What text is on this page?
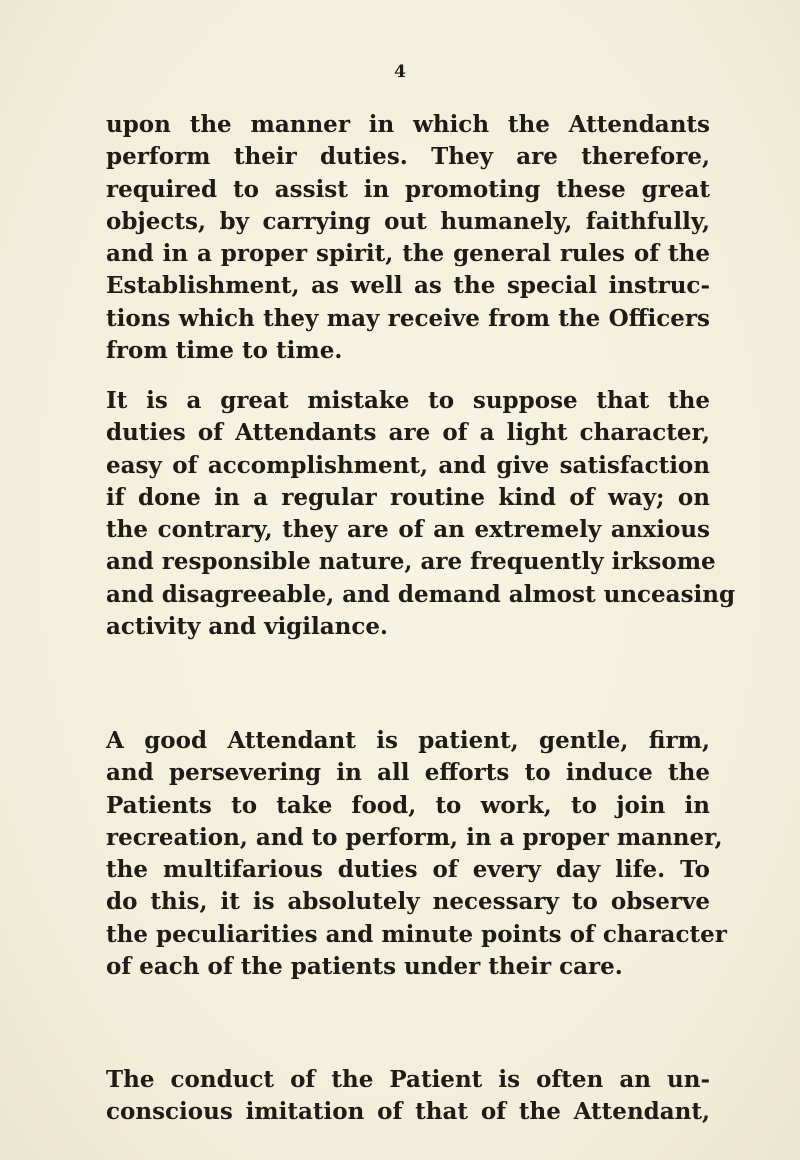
4

upon the manner in which the Attendants
perform their duties. They are therefore,
required to assist in promoting these great
objects, by carrying out humanely, faithfully,
and in a proper spirit, the general rules of the
Establishment, as well as the special instruc-
tions which they may receive from the Officers
from time to time.

It is a great mistake to suppose that the
duties of Attendants are of a light character,
easy of accomplishment, and give satisfaction
if done in a regular routine kind of way; on
the contrary, they are of an extremely anxious
and responsible nature, are frequently irksome
and disagreeable, and demand almost unceasing
activity and vigilance.

A good Attendant is patient, gentle, firm,
and persevering in all efforts to induce the
Patients to take food, to work, to join in
recreation, and to perform, in a proper manner,
the multifarious duties of every day life. To
do this, it is absolutely necessary to observe
the peculiarities and minute points of character
of each of the patients under their care.

The conduct of the Patient is often an un-
conscious imitation of that of the Attendant,
